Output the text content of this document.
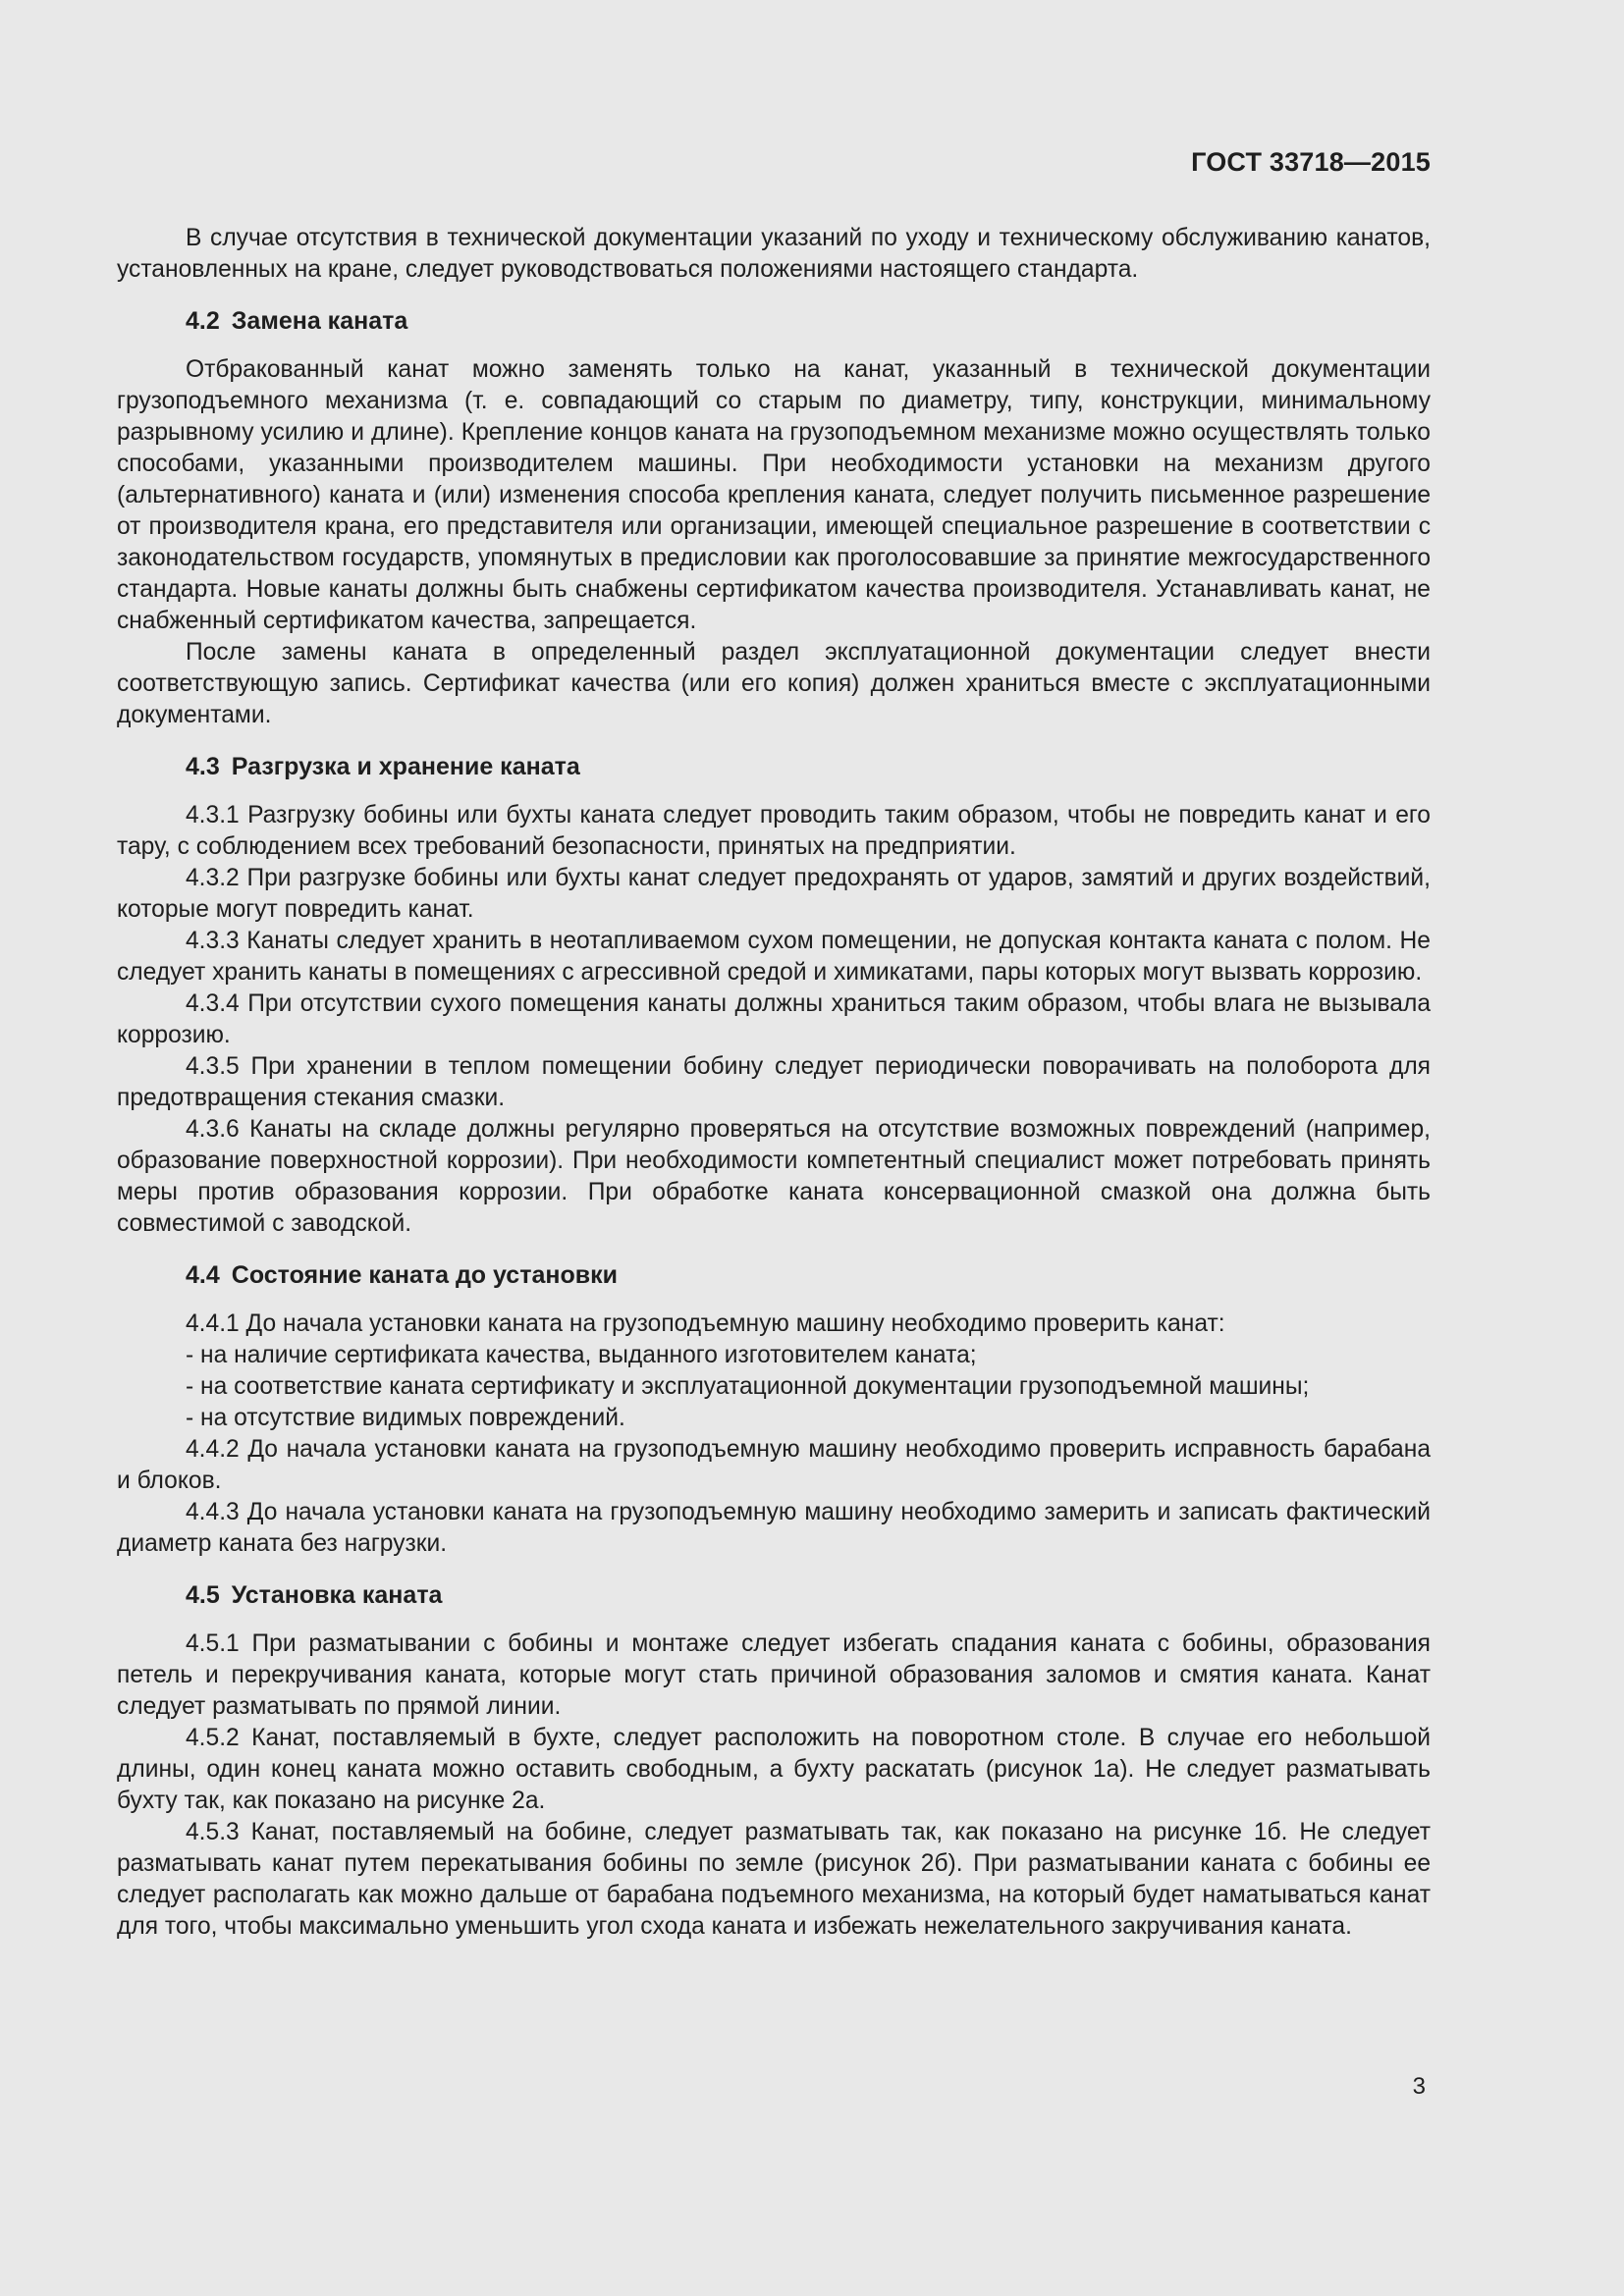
ГОСТ 33718—2015

В случае отсутствия в технической документации указаний по уходу и техническому обслуживанию канатов, установленных на кране, следует руководствоваться положениями настоящего стандарта.

4.2 Замена каната

Отбракованный канат можно заменять только на канат, указанный в технической документации грузоподъемного механизма (т. е. совпадающий со старым по диаметру, типу, конструкции, минимальному разрывному усилию и длине). Крепление концов каната на грузоподъемном механизме можно осуществлять только способами, указанными производителем машины. При необходимости установки на механизм другого (альтернативного) каната и (или) изменения способа крепления каната, следует получить письменное разрешение от производителя крана, его представителя или организации, имеющей специальное разрешение в соответствии с законодательством государств, упомянутых в предисловии как проголосовавшие за принятие межгосударственного стандарта. Новые канаты должны быть снабжены сертификатом качества производителя. Устанавливать канат, не снабженный сертификатом качества, запрещается.

После замены каната в определенный раздел эксплуатационной документации следует внести соответствующую запись. Сертификат качества (или его копия) должен храниться вместе с эксплуатационными документами.

4.3 Разгрузка и хранение каната

4.3.1 Разгрузку бобины или бухты каната следует проводить таким образом, чтобы не повредить канат и его тару, с соблюдением всех требований безопасности, принятых на предприятии.

4.3.2 При разгрузке бобины или бухты канат следует предохранять от ударов, замятий и других воздействий, которые могут повредить канат.

4.3.3 Канаты следует хранить в неотапливаемом сухом помещении, не допуская контакта каната с полом. Не следует хранить канаты в помещениях с агрессивной средой и химикатами, пары которых могут вызвать коррозию.

4.3.4 При отсутствии сухого помещения канаты должны храниться таким образом, чтобы влага не вызывала коррозию.

4.3.5 При хранении в теплом помещении бобину следует периодически поворачивать на полоборота для предотвращения стекания смазки.

4.3.6 Канаты на складе должны регулярно проверяться на отсутствие возможных повреждений (например, образование поверхностной коррозии). При необходимости компетентный специалист может потребовать принять меры против образования коррозии. При обработке каната консервационной смазкой она должна быть совместимой с заводской.

4.4 Состояние каната до установки

4.4.1 До начала установки каната на грузоподъемную машину необходимо проверить канат:

- на наличие сертификата качества, выданного изготовителем каната;

- на соответствие каната сертификату и эксплуатационной документации грузоподъемной машины;

- на отсутствие видимых повреждений.

4.4.2 До начала установки каната на грузоподъемную машину необходимо проверить исправность барабана и блоков.

4.4.3 До начала установки каната на грузоподъемную машину необходимо замерить и записать фактический диаметр каната без нагрузки.

4.5 Установка каната

4.5.1 При разматывании с бобины и монтаже следует избегать спадания каната с бобины, образования петель и перекручивания каната, которые могут стать причиной образования заломов и смятия каната. Канат следует разматывать по прямой линии.

4.5.2 Канат, поставляемый в бухте, следует расположить на поворотном столе. В случае его небольшой длины, один конец каната можно оставить свободным, а бухту раскатать (рисунок 1а). Не следует разматывать бухту так, как показано на рисунке 2а.

4.5.3 Канат, поставляемый на бобине, следует разматывать так, как показано на рисунке 1б. Не следует разматывать канат путем перекатывания бобины по земле (рисунок 2б). При разматывании каната с бобины ее следует располагать как можно дальше от барабана подъемного механизма, на который будет наматываться канат для того, чтобы максимально уменьшить угол схода каната и избежать нежелательного закручивания каната.

3
